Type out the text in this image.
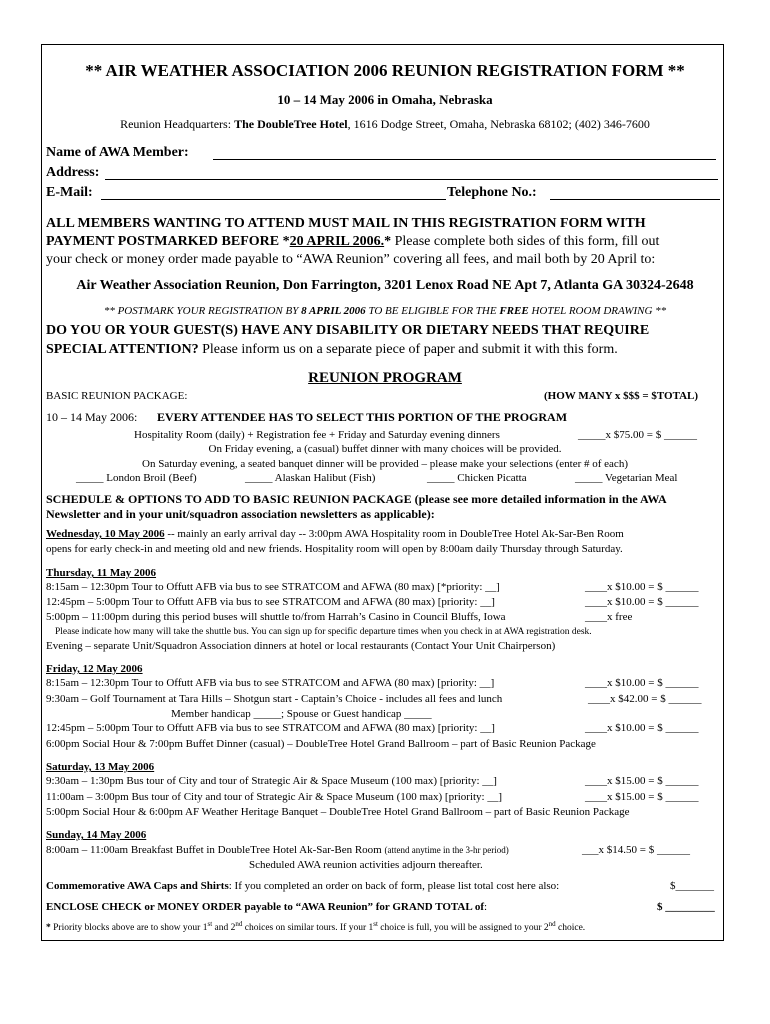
** AIR WEATHER ASSOCIATION 2006 REUNION REGISTRATION FORM **
10 – 14 May 2006 in Omaha, Nebraska
Reunion Headquarters: The DoubleTree Hotel, 1616 Dodge Street, Omaha, Nebraska 68102; (402) 346-7600
Name of AWA Member:
Address:
E-Mail:	Telephone No.:
ALL MEMBERS WANTING TO ATTEND MUST MAIL IN THIS REGISTRATION FORM WITH
PAYMENT POSTMARKED BEFORE *20 APRIL 2006.* Please complete both sides of this form, fill out
your check or money order made payable to “AWA Reunion” covering all fees, and mail both by 20 April to:
Air Weather Association Reunion, Don Farrington, 3201 Lenox Road NE Apt 7, Atlanta GA 30324-2648
** POSTMARK YOUR REGISTRATION BY 8 APRIL 2006 TO BE ELIGIBLE FOR THE FREE HOTEL ROOM DRAWING **
DO YOU OR YOUR GUEST(S) HAVE ANY DISABILITY OR DIETARY NEEDS THAT REQUIRE
SPECIAL ATTENTION? Please inform us on a separate piece of paper and submit it with this form.
REUNION PROGRAM
BASIC REUNION PACKAGE:	(HOW MANY x $$$ = $TOTAL)
10 – 14 May 2006: EVERY ATTENDEE HAS TO SELECT THIS PORTION OF THE PROGRAM
Hospitality Room (daily) + Registration fee + Friday and Saturday evening dinners	_____x $75.00 = $ ______
On Friday evening, a (casual) buffet dinner with many choices will be provided.
On Saturday evening, a seated banquet dinner will be provided – please make your selections (enter # of each)
_____ London Broil (Beef)	_____ Alaskan Halibut (Fish)	_____ Chicken Picatta	_____ Vegetarian Meal
SCHEDULE & OPTIONS TO ADD TO BASIC REUNION PACKAGE (please see more detailed information in the AWA
Newsletter and in your unit/squadron association newsletters as applicable):
Wednesday, 10 May 2006 -- mainly an early arrival day -- 3:00pm AWA Hospitality room in DoubleTree Hotel Ak-Sar-Ben Room
opens for early check-in and meeting old and new friends. Hospitality room will open by 8:00am daily Thursday through Saturday.
Thursday, 11 May 2006
8:15am – 12:30pm Tour to Offutt AFB via bus to see STRATCOM and AFWA (80 max) [*priority: __]	____x $10.00 = $ ______
12:45pm – 5:00pm Tour to Offutt AFB via bus to see STRATCOM and AFWA (80 max) [priority: __]	____x $10.00 = $ ______
5:00pm – 11:00pm during this period buses will shuttle to/from Harrah’s Casino in Council Bluffs, Iowa	____x free
Please indicate how many will take the shuttle bus. You can sign up for specific departure times when you check in at AWA registration desk.
Evening – separate Unit/Squadron Association dinners at hotel or local restaurants (Contact Your Unit Chairperson)
Friday, 12 May 2006
8:15am – 12:30pm Tour to Offutt AFB via bus to see STRATCOM and AFWA (80 max) [priority: __]	____x $10.00 = $ ______
9:30am – Golf Tournament at Tara Hills – Shotgun start - Captain’s Choice - includes all fees and lunch	____x $42.00 = $ ______
Member handicap _____; Spouse or Guest handicap _____
12:45pm – 5:00pm Tour to Offutt AFB via bus to see STRATCOM and AFWA (80 max) [priority: __]	____x $10.00 = $ ______
6:00pm Social Hour & 7:00pm Buffet Dinner (casual) – DoubleTree Hotel Grand Ballroom – part of Basic Reunion Package
Saturday, 13 May 2006
9:30am – 1:30pm Bus tour of City and tour of Strategic Air & Space Museum (100 max) [priority: __]	____x $15.00 = $ ______
11:00am – 3:00pm Bus tour of City and tour of Strategic Air & Space Museum (100 max) [priority: __]	____x $15.00 = $ ______
5:00pm Social Hour & 6:00pm AF Weather Heritage Banquet – DoubleTree Hotel Grand Ballroom – part of Basic Reunion Package
Sunday, 14 May 2006
8:00am – 11:00am Breakfast Buffet in DoubleTree Hotel Ak-Sar-Ben Room (attend anytime in the 3-hr period)	___x $14.50 = $ ______
Scheduled AWA reunion activities adjourn thereafter.
Commemorative AWA Caps and Shirts: If you completed an order on back of form, please list total cost here also:	$_______
ENCLOSE CHECK or MONEY ORDER payable to “AWA Reunion” for GRAND TOTAL of:	$ _________
* Priority blocks above are to show your 1st and 2nd choices on similar tours. If your 1st choice is full, you will be assigned to your 2nd choice.
